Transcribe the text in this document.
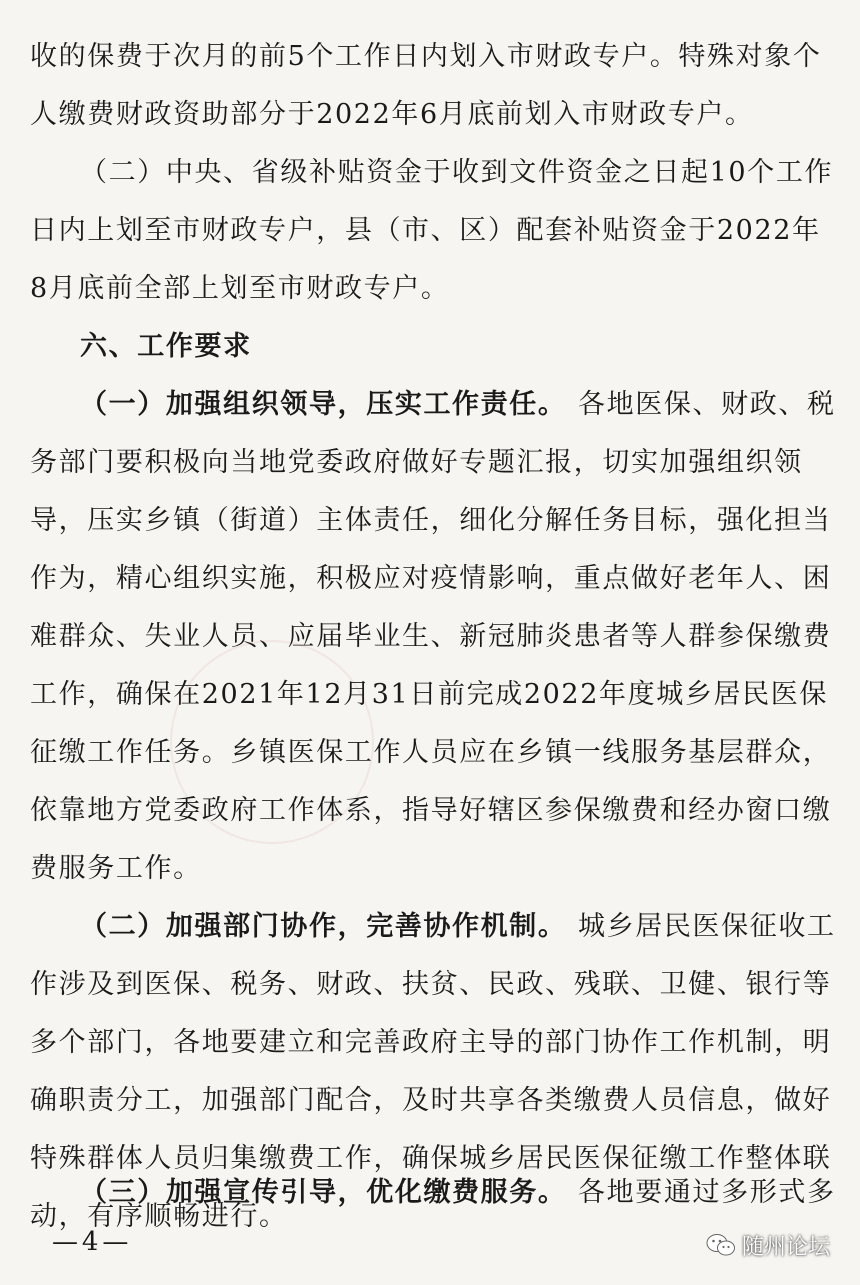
收的保费于次月的前5个工作日内划入市财政专户。特殊对象个
人缴费财政资助部分于2022年6月底前划入市财政专户。
（二）中央、省级补贴资金于收到文件资金之日起10个工作
日内上划至市财政专户，县（市、区）配套补贴资金于2022年
8月底前全部上划至市财政专户。
六、工作要求
（一）加强组织领导，压实工作责任。 各地医保、财政、税
务部门要积极向当地党委政府做好专题汇报，切实加强组织领
导，压实乡镇（街道）主体责任，细化分解任务目标，强化担当
作为，精心组织实施，积极应对疫情影响，重点做好老年人、困
难群众、失业人员、应届毕业生、新冠肺炎患者等人群参保缴费
工作，确保在2021年12月31日前完成2022年度城乡居民医保
征缴工作任务。乡镇医保工作人员应在乡镇一线服务基层群众，
依靠地方党委政府工作体系，指导好辖区参保缴费和经办窗口缴
费服务工作。
（二）加强部门协作，完善协作机制。 城乡居民医保征收工
作涉及到医保、税务、财政、扶贫、民政、残联、卫健、银行等
多个部门，各地要建立和完善政府主导的部门协作工作机制，明
确职责分工，加强部门配合，及时共享各类缴费人员信息，做好
特殊群体人员归集缴费工作，确保城乡居民医保征缴工作整体联
动，有序顺畅进行。
（三）加强宣传引导，优化缴费服务。 各地要通过多形式多
—4—	随州论坛
